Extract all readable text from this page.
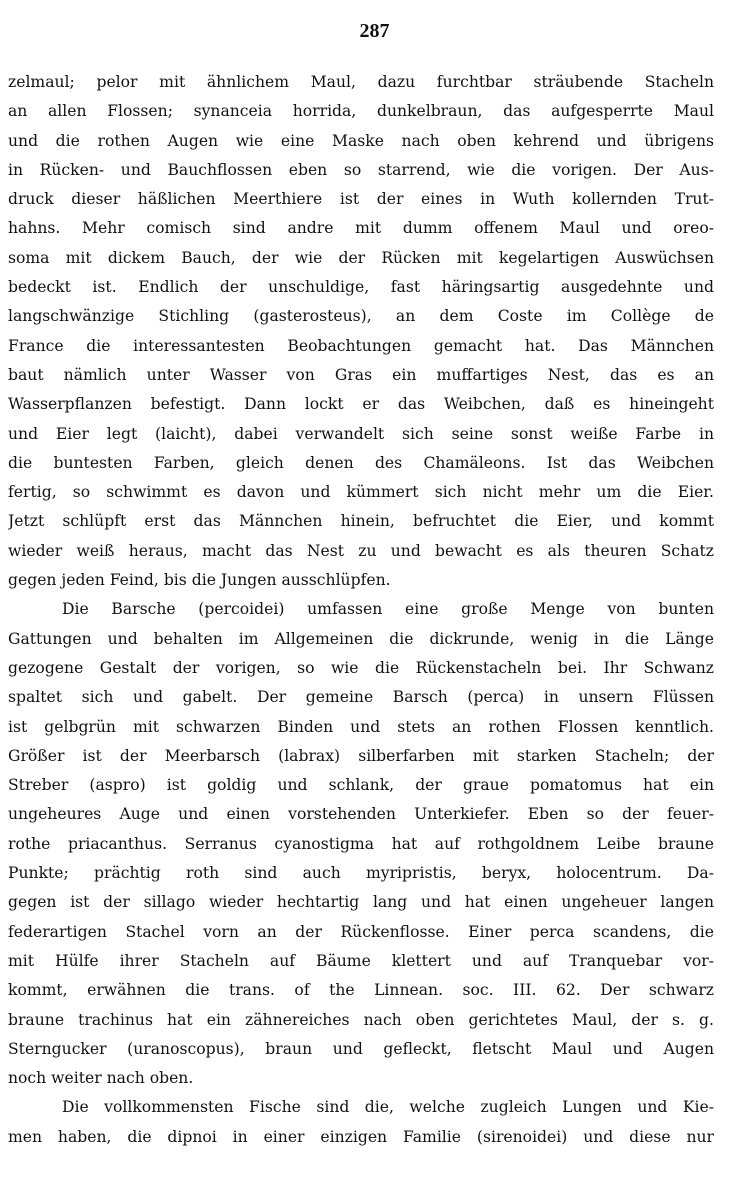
287
zelmaul; pelor mit ähnlichem Maul, dazu furchtbar sträubende Stacheln
an allen Flossen; synanceia horrida, dunkelbraun, das aufgesperrte Maul
und die rothen Augen wie eine Maske nach oben kehrend und übrigens
in Rücken- und Bauchflossen eben so starrend, wie die vorigen. Der Aus-
druck dieser häßlichen Meerthiere ist der eines in Wuth kollernden Trut-
hahns. Mehr comisch sind andre mit dumm offenem Maul und oreo-
soma mit dickem Bauch, der wie der Rücken mit kegelartigen Auswüchsen
bedeckt ist. Endlich der unschuldige, fast häringsartig ausgedehnte und
langschwänzige Stichling (gasterosteus), an dem Coste im Collège de
France die interessantesten Beobachtungen gemacht hat. Das Männchen
baut nämlich unter Wasser von Gras ein muffartiges Nest, das es an
Wasserpflanzen befestigt. Dann lockt er das Weibchen, daß es hineingeht
und Eier legt (laicht), dabei verwandelt sich seine sonst weiße Farbe in
die buntesten Farben, gleich denen des Chamäleons. Ist das Weibchen
fertig, so schwimmt es davon und kümmert sich nicht mehr um die Eier.
Jetzt schlüpft erst das Männchen hinein, befruchtet die Eier, und kommt
wieder weiß heraus, macht das Nest zu und bewacht es als theuren Schatz
gegen jeden Feind, bis die Jungen ausschlüpfen.
Die Barsche (percoidei) umfassen eine große Menge von bunten
Gattungen und behalten im Allgemeinen die dickrunde, wenig in die Länge
gezogene Gestalt der vorigen, so wie die Rückenstacheln bei. Ihr Schwanz
spaltet sich und gabelt. Der gemeine Barsch (perca) in unsern Flüssen
ist gelbgrün mit schwarzen Binden und stets an rothen Flossen kenntlich.
Größer ist der Meerbarsch (labrax) silberfarben mit starken Stacheln; der
Streber (aspro) ist goldig und schlank, der graue pomatomus hat ein
ungeheures Auge und einen vorstehenden Unterkiefer. Eben so der feuer-
rothe priacanthus. Serranus cyanostigma hat auf rothgoldnem Leibe braune
Punkte; prächtig roth sind auch myripristis, beryx, holocentrum. Da-
gegen ist der sillago wieder hechtartig lang und hat einen ungeheuer langen
federartigen Stachel vorn an der Rückenflosse. Einer perca scandens, die
mit Hülfe ihrer Stacheln auf Bäume klettert und auf Tranquebar vor-
kommt, erwähnen die trans. of the Linnean. soc. III. 62. Der schwarz
braune trachinus hat ein zähnereiches nach oben gerichtetes Maul, der s. g.
Sterngucker (uranoscopus), braun und gefleckt, fletscht Maul und Augen
noch weiter nach oben.
Die vollkommensten Fische sind die, welche zugleich Lungen und Kie-
men haben, die dipnoi in einer einzigen Familie (sirenoidei) und diese nur
